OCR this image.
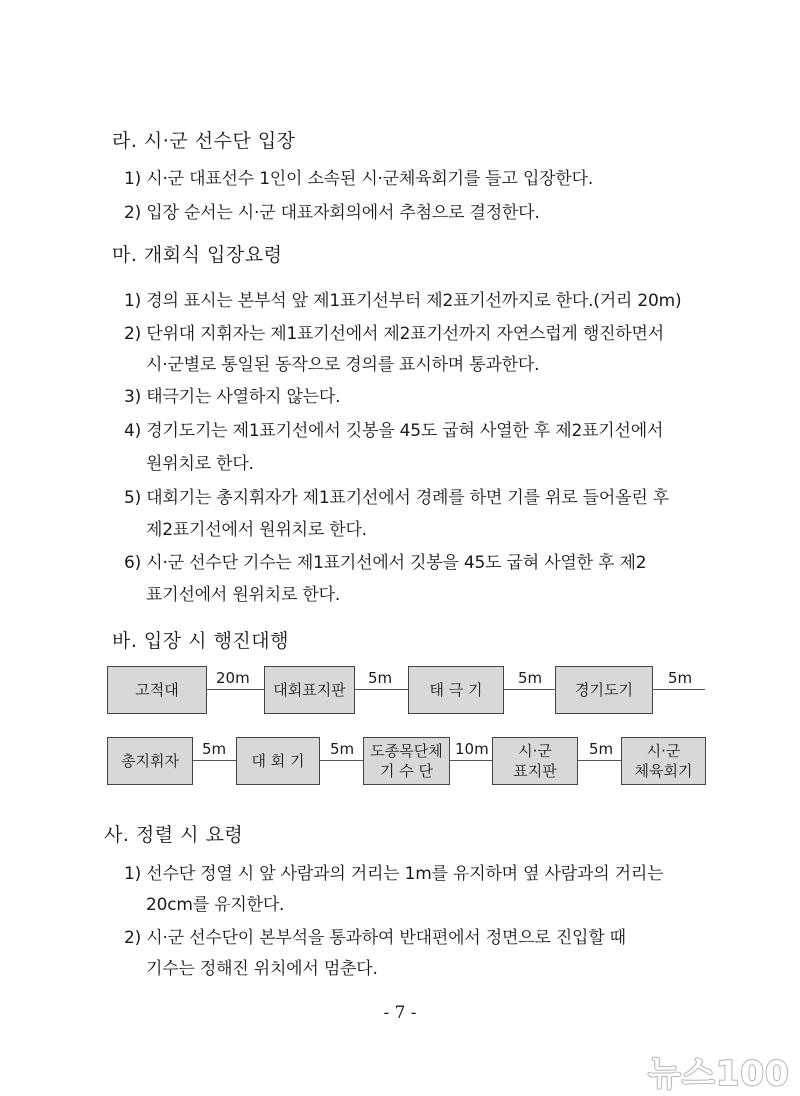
라. 시·군 선수단 입장
1) 시·군 대표선수 1인이 소속된 시·군체육회기를 들고 입장한다.
2) 입장 순서는 시·군 대표자회의에서 추첨으로 결정한다.
마. 개회식 입장요령
1) 경의 표시는 본부석 앞 제1표기선부터 제2표기선까지로 한다.(거리 20m)
2) 단위대 지휘자는 제1표기선에서 제2표기선까지 자연스럽게 행진하면서
시·군별로 통일된 동작으로 경의를 표시하며 통과한다.
3) 태극기는 사열하지 않는다.
4) 경기도기는 제1표기선에서 깃봉을 45도 굽혀 사열한 후 제2표기선에서
원위치로 한다.
5) 대회기는 총지휘자가 제1표기선에서 경례를 하면 기를 위로 들어올린 후
제2표기선에서 원위치로 한다.
6) 시·군 선수단 기수는 제1표기선에서 깃봉을 45도 굽혀 사열한 후 제2
표기선에서 원위치로 한다.
바. 입장 시 행진대행
고적대
20m
대회표지판
5m
태 극 기
5m
경기도기
5m
총지휘자
5m
대 회 기
5m 도종목단체
기 수 단
10m 시·군
표지판
5m 시·군
체육회기
사. 정렬 시 요령
1) 선수단 정열 시 앞 사람과의 거리는 1m를 유지하며 옆 사람과의 거리는
20cm를 유지한다.
2) 시·군 선수단이 본부석을 통과하여 반대편에서 정면으로 진입할 때
기수는 정해진 위치에서 멈춘다.
- 7 -
뉴스100
